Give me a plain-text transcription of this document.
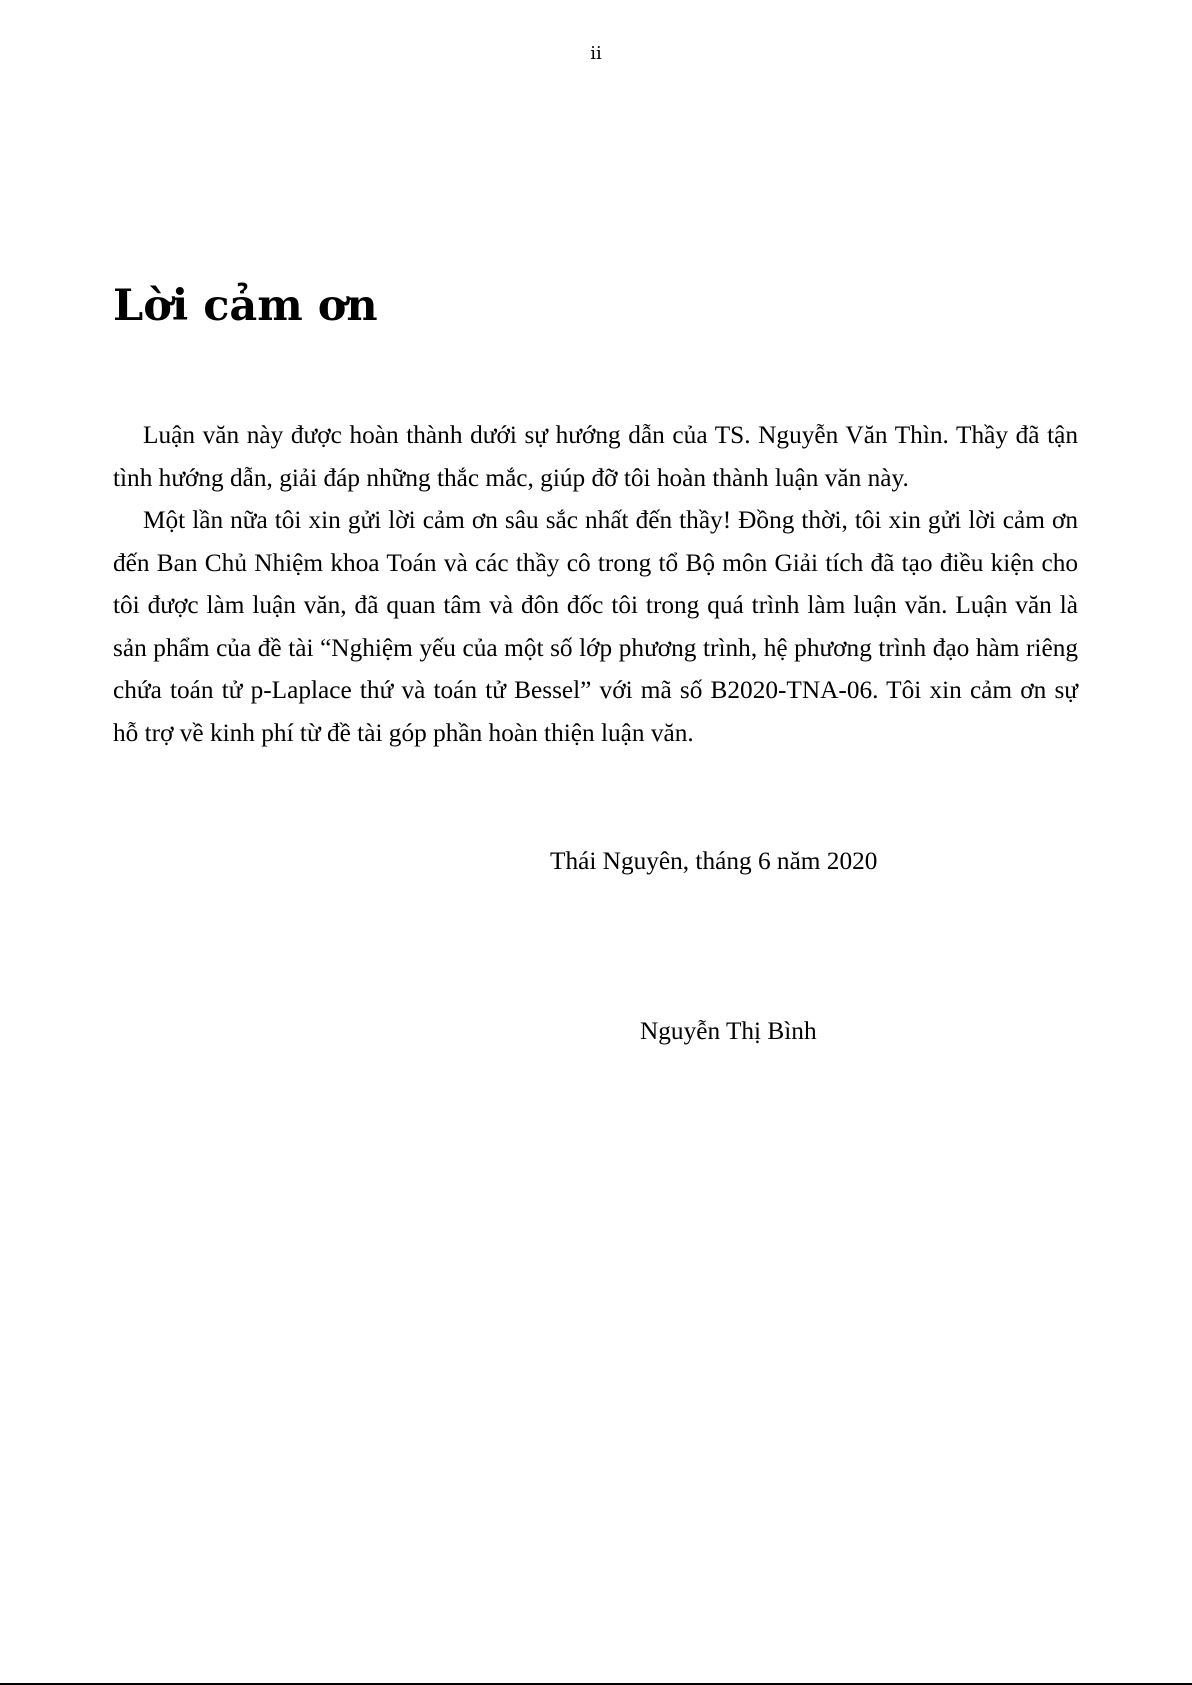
ii
Lời cảm ơn

Luận văn này được hoàn thành dưới sự hướng dẫn của TS. Nguyễn Văn Thìn. Thầy đã tận tình hướng dẫn, giải đáp những thắc mắc, giúp đỡ tôi hoàn thành luận văn này.

Một lần nữa tôi xin gửi lời cảm ơn sâu sắc nhất đến thầy! Đồng thời, tôi xin gửi lời cảm ơn đến Ban Chủ Nhiệm khoa Toán và các thầy cô trong tổ Bộ môn Giải tích đã tạo điều kiện cho tôi được làm luận văn, đã quan tâm và đôn đốc tôi trong quá trình làm luận văn. Luận văn là sản phẩm của đề tài “Nghiệm yếu của một số lớp phương trình, hệ phương trình đạo hàm riêng chứa toán tử p-Laplace thứ và toán tử Bessel” với mã số B2020-TNA-06. Tôi xin cảm ơn sự hỗ trợ về kinh phí từ đề tài góp phần hoàn thiện luận văn.

Thái Nguyên, tháng 6 năm 2020
Nguyễn Thị Bình
